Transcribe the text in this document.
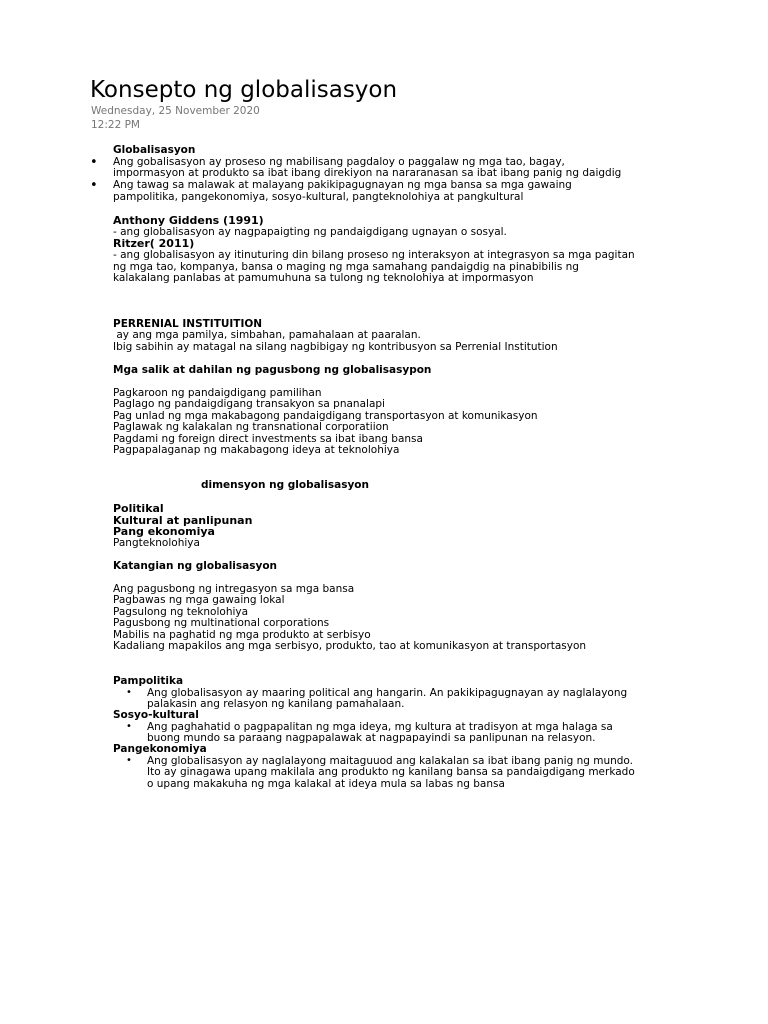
Konsepto ng globalisasyon
Wednesday, 25 November 2020
12:22 PM
Globalisasyon
• Ang gobalisasyon ay proseso ng mabilisang pagdaloy o paggalaw ng mga tao, bagay,
impormasyon at produkto sa ibat ibang direkiyon na nararanasan sa ibat ibang panig ng daigdig
• Ang tawag sa malawak at malayang pakikipagugnayan ng mga bansa sa mga gawaing
pampolitika, pangekonomiya, sosyo-kultural, pangteknolohiya at pangkultural
Anthony Giddens (1991)
- ang globalisasyon ay nagpapaigting ng pandaigdigang ugnayan o sosyal.
Ritzer( 2011)
- ang globalisasyon ay itinuturing din bilang proseso ng interaksyon at integrasyon sa mga pagitan
ng mga tao, kompanya, bansa o maging ng mga samahang pandaigdig na pinabibilis ng
kalakalang panlabas at pamumuhuna sa tulong ng teknolohiya at impormasyon
PERRENIAL INSTITUITION
ay ang mga pamilya, simbahan, pamahalaan at paaralan.
Ibig sabihin ay matagal na silang nagbibigay ng kontribusyon sa Perrenial Institution
Mga salik at dahilan ng pagusbong ng globalisasypon
Pagkaroon ng pandaigdigang pamilihan
Paglago ng pandaigdigang transakyon sa pnanalapi
Pag unlad ng mga makabagong pandaigdigang transportasyon at komunikasyon
Paglawak ng kalakalan ng transnational corporatiion
Pagdami ng foreign direct investments sa ibat ibang bansa
Pagpapalaganap ng makabagong ideya at teknolohiya
dimensyon ng globalisasyon
Politikal
Kultural at panlipunan
Pang ekonomiya
Pangteknolohiya
Katangian ng globalisasyon
Ang pagusbong ng intregasyon sa mga bansa
Pagbawas ng mga gawaing lokal
Pagsulong ng teknolohiya
Pagusbong ng multinational corporations
Mabilis na paghatid ng mga produkto at serbisyo
Kadaliang mapakilos ang mga serbisyo, produkto, tao at komunikasyon at transportasyon
Pampolitika
• Ang globalisasyon ay maaring political ang hangarin. An pakikipagugnayan ay naglalayong
palakasin ang relasyon ng kanilang pamahalaan.
Sosyo-kultural
• Ang paghahatid o pagpapalitan ng mga ideya, mg kultura at tradisyon at mga halaga sa
buong mundo sa paraang nagpapalawak at nagpapayindi sa panlipunan na relasyon.
Pangekonomiya
• Ang globalisasyon ay naglalayong maitaguuod ang kalakalan sa ibat ibang panig ng mundo.
Ito ay ginagawa upang makilala ang produkto ng kanilang bansa sa pandaigdigang merkado
o upang makakuha ng mga kalakal at ideya mula sa labas ng bansa
